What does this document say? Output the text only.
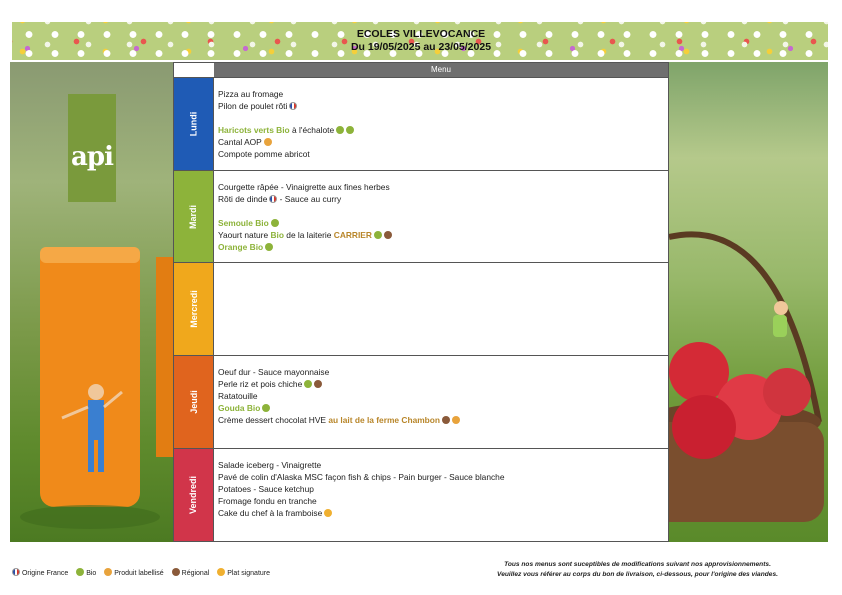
ECOLES VILLEVOCANCE
Du 19/05/2025 au 23/05/2025
api
Menu
Lundi
Pizza au fromage
Pilon de poulet rôti
Haricots verts Bio à l'échalote
Cantal AOP
Compote pomme abricot
Mardi
Courgette râpée - Vinaigrette aux fines herbes
Rôti de dinde - Sauce au curry
Semoule Bio
Yaourt nature Bio de la laiterie CARRIER
Orange Bio
Mercredi
Jeudi
Oeuf dur - Sauce mayonnaise
Perle riz et pois chiche
Ratatouille
Gouda Bio
Crème dessert chocolat HVE au lait de la ferme Chambon
Vendredi
Salade iceberg - Vinaigrette
Pavé de colin d'Alaska MSC façon fish & chips - Pain burger - Sauce blanche
Potatoes - Sauce ketchup
Fromage fondu en tranche
Cake du chef à la framboise
Origine France Bio Produit labellisé Régional Plat signature
Tous nos menus sont suceptibles de modifications suivant nos approvisionnements.
Veuillez vous référer au corps du bon de livraison, ci-dessous, pour l'origine des viandes.
